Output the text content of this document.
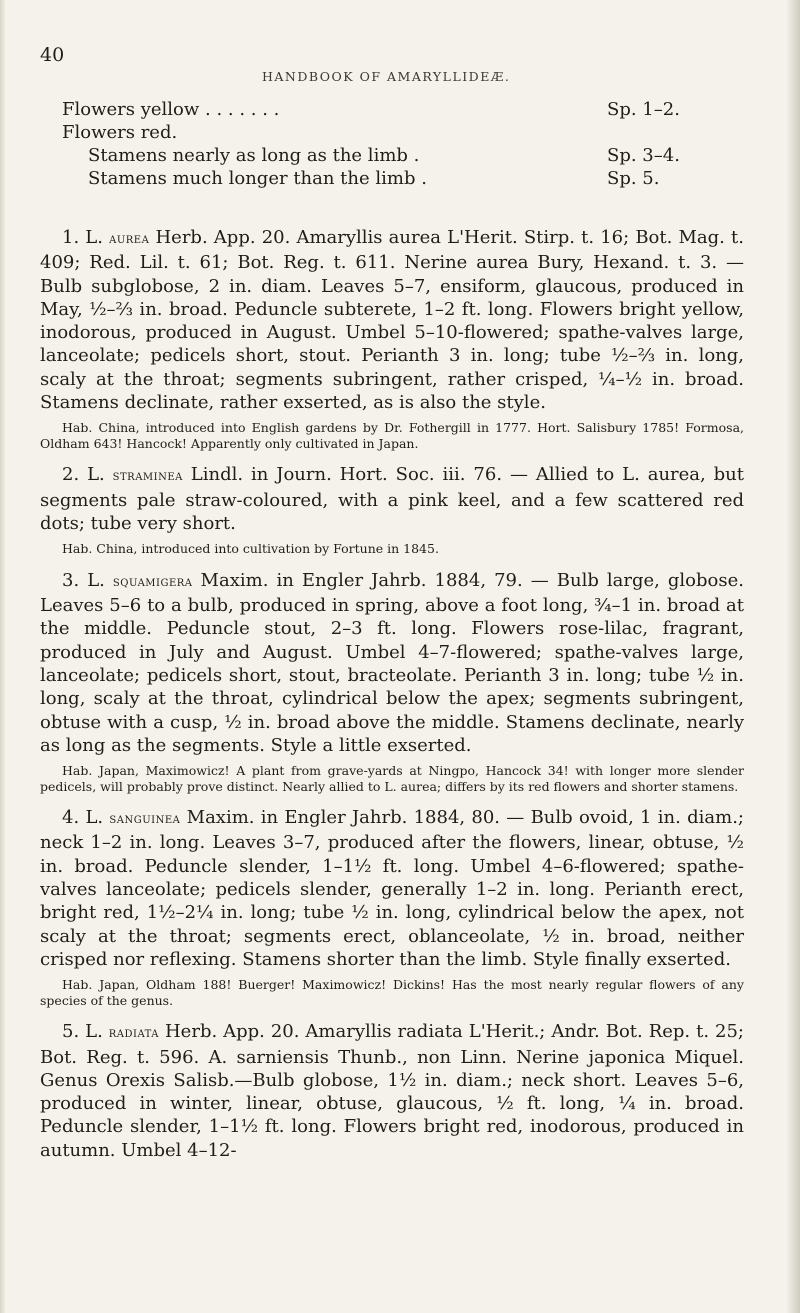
40
HANDBOOK OF AMARYLLIDEÆ.
Flowers yellow . . . . . . .	Sp. 1–2.
Flowers red.
Stamens nearly as long as the limb .	Sp. 3–4.
Stamens much longer than the limb .	Sp. 5.

1. L. aurea Herb. App. 20. Amaryllis aurea L'Herit. Stirp. t. 16; Bot. Mag. t. 409; Red. Lil. t. 61; Bot. Reg. t. 611. Nerine aurea Bury, Hexand. t. 3. — Bulb subglobose, 2 in. diam. Leaves 5–7, ensiform, glaucous, produced in May, ½–⅔ in. broad. Peduncle subterete, 1–2 ft. long. Flowers bright yellow, inodorous, produced in August. Umbel 5–10-flowered; spathe-valves large, lanceolate; pedicels short, stout. Perianth 3 in. long; tube ½–⅔ in. long, scaly at the throat; segments subringent, rather crisped, ¼–½ in. broad. Stamens declinate, rather exserted, as is also the style.

Hab. China, introduced into English gardens by Dr. Fothergill in 1777. Hort. Salisbury 1785! Formosa, Oldham 643! Hancock! Apparently only cultivated in Japan.

2. L. straminea Lindl. in Journ. Hort. Soc. iii. 76. — Allied to L. aurea, but segments pale straw-coloured, with a pink keel, and a few scattered red dots; tube very short.

Hab. China, introduced into cultivation by Fortune in 1845.

3. L. squamigera Maxim. in Engler Jahrb. 1884, 79. — Bulb large, globose. Leaves 5–6 to a bulb, produced in spring, above a foot long, ¾–1 in. broad at the middle. Peduncle stout, 2–3 ft. long. Flowers rose-lilac, fragrant, produced in July and August. Umbel 4–7-flowered; spathe-valves large, lanceolate; pedicels short, stout, bracteolate. Perianth 3 in. long; tube ½ in. long, scaly at the throat, cylindrical below the apex; segments subringent, obtuse with a cusp, ½ in. broad above the middle. Stamens declinate, nearly as long as the segments. Style a little exserted.

Hab. Japan, Maximowicz! A plant from grave-yards at Ningpo, Hancock 34! with longer more slender pedicels, will probably prove distinct. Nearly allied to L. aurea; differs by its red flowers and shorter stamens.

4. L. sanguinea Maxim. in Engler Jahrb. 1884, 80. — Bulb ovoid, 1 in. diam.; neck 1–2 in. long. Leaves 3–7, produced after the flowers, linear, obtuse, ½ in. broad. Peduncle slender, 1–1½ ft. long. Umbel 4–6-flowered; spathe-valves lanceolate; pedicels slender, generally 1–2 in. long. Perianth erect, bright red, 1½–2¼ in. long; tube ½ in. long, cylindrical below the apex, not scaly at the throat; segments erect, oblanceolate, ½ in. broad, neither crisped nor reflexing. Stamens shorter than the limb. Style finally exserted.

Hab. Japan, Oldham 188! Buerger! Maximowicz! Dickins! Has the most nearly regular flowers of any species of the genus.

5. L. radiata Herb. App. 20. Amaryllis radiata L'Herit.; Andr. Bot. Rep. t. 25; Bot. Reg. t. 596. A. sarniensis Thunb., non Linn. Nerine japonica Miquel. Genus Orexis Salisb.—Bulb globose, 1½ in. diam.; neck short. Leaves 5–6, produced in winter, linear, obtuse, glaucous, ½ ft. long, ¼ in. broad. Peduncle slender, 1–1½ ft. long. Flowers bright red, inodorous, produced in autumn. Umbel 4–12-
